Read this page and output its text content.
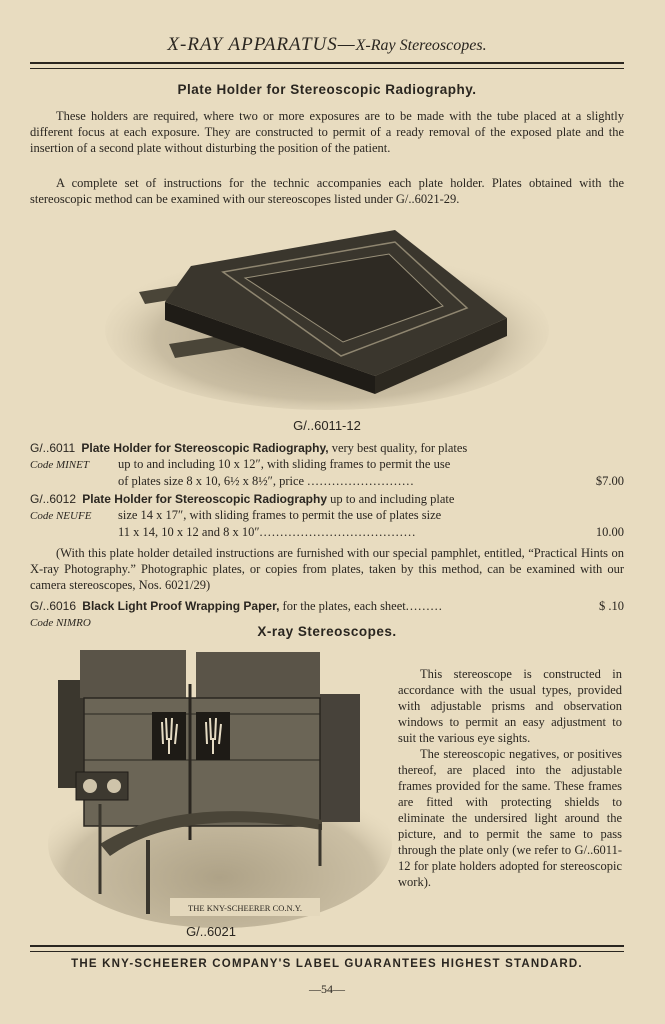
X-RAY APPARATUS—X-Ray Stereoscopes.
Plate Holder for Stereoscopic Radiography.

These holders are required, where two or more exposures are to be made with the tube placed at a slightly different focus at each exposure. They are constructed to permit of a ready removal of the exposed plate and the insertion of a second plate without disturbing the position of the patient.

A complete set of instructions for the technic accompanies each plate holder. Plates obtained with the stereoscopic method can be examined with our stereoscopes listed under G/..6021-29.

G/..6011-12
G/..6011 Plate Holder for Stereoscopic Radiography, very best quality, for plates
Code MINET up to and including 10 x 12″, with sliding frames to permit the use
of plates size 8 x 10, 6½ x 8½″, price ..........................	$7.00
G/..6012 Plate Holder for Stereoscopic Radiography up to and including plate
Code NEUFE size 14 x 17″, with sliding frames to permit the use of plates size
11 x 14, 10 x 12 and 8 x 10″......................................	10.00

(With this plate holder detailed instructions are furnished with our special pamphlet, entitled, “Practical Hints on X-ray Photography.” Photographic plates, or copies from plates, taken by this method, can be examined with our camera stereoscopes, Nos. 6021/29)

G/..6016 Black Light Proof Wrapping Paper, for the plates, each sheet.........	$ .10
Code NIMRO
X-ray Stereoscopes.
THE KNY-SCHEERER CO.N.Y.
G/..6021

This stereoscope is constructed in accordance with the usual types, provided with adjustable prisms and observation windows to permit an easy adjustment to suit the various eye sights.

The stereoscopic negatives, or positives thereof, are placed into the adjustable frames provided for the same. These frames are fitted with protecting shields to eliminate the undersired light around the picture, and to permit the same to pass through the plate only (we refer to G/..6011-12 for plate holders adopted for stereoscopic work).

THE KNY-SCHEERER COMPANY'S LABEL GUARANTEES HIGHEST STANDARD.
—54—
